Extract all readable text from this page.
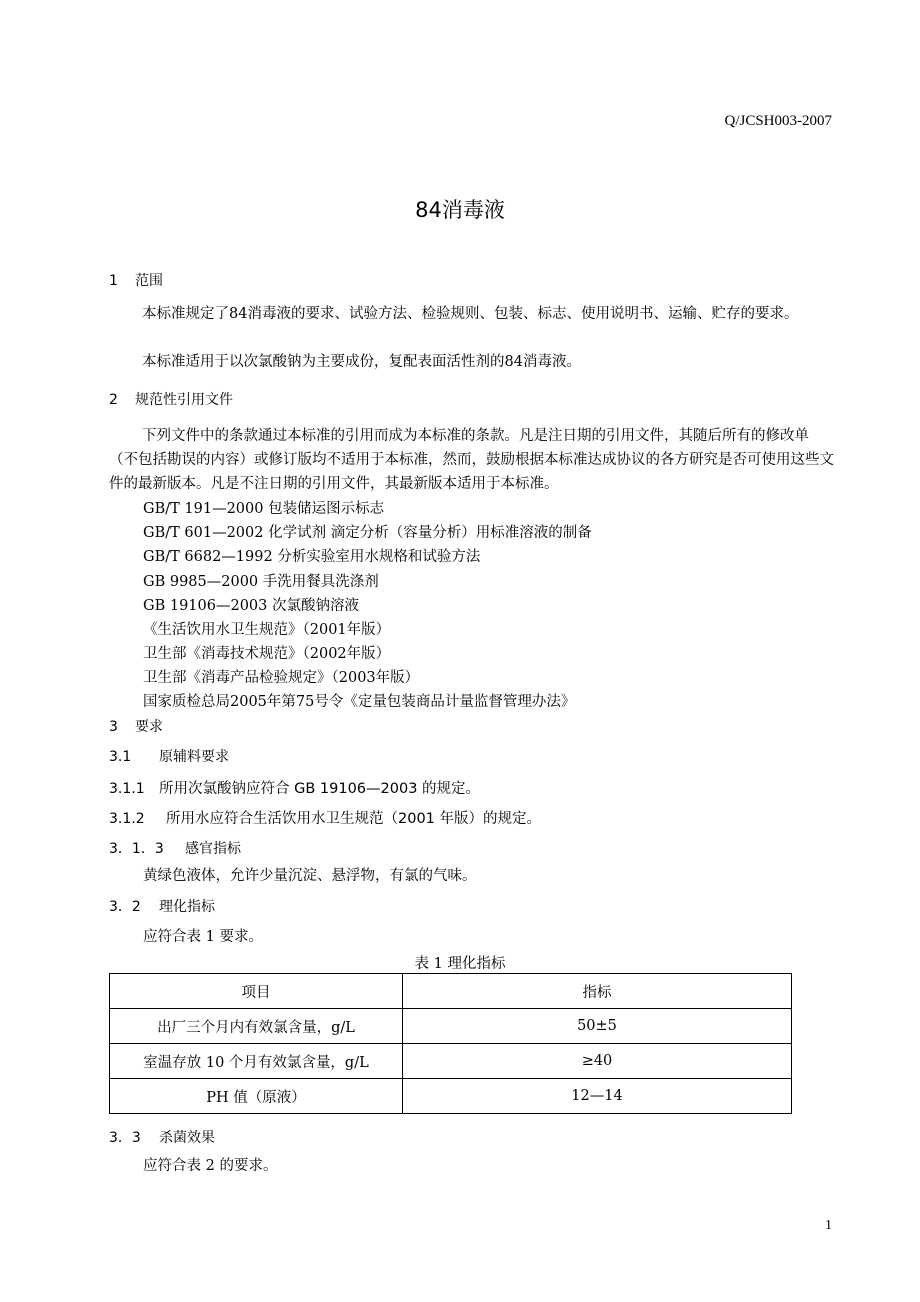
Q/JCSH003-2007
84消毒液
1 范围
本标准规定了84消毒液的要求、试验方法、检验规则、包装、标志、使用说明书、运输、贮存的要求。
本标准适用于以次氯酸钠为主要成份，复配表面活性剂的84消毒液。
2 规范性引用文件
下列文件中的条款通过本标准的引用而成为本标准的条款。凡是注日期的引用文件，其随后所有的修改单（不包括勘误的内容）或修订版均不适用于本标准，然而，鼓励根据本标准达成协议的各方研究是否可使用这些文件的最新版本。凡是不注日期的引用文件，其最新版本适用于本标准。
GB/T 191—2000 包装储运图示标志
GB/T 601—2002 化学试剂 滴定分析（容量分析）用标准溶液的制备
GB/T 6682—1992 分析实验室用水规格和试验方法
GB 9985—2000 手洗用餐具洗涤剂
GB 19106—2003 次氯酸钠溶液
《生活饮用水卫生规范》（2001年版）
卫生部《消毒技术规范》（2002年版）
卫生部《消毒产品检验规定》（2003年版）
国家质检总局2005年第75号令《定量包装商品计量监督管理办法》
3 要求
3.1 原辅料要求
3.1.1 所用次氯酸钠应符合 GB 19106—2003 的规定。
3.1.2 所用水应符合生活饮用水卫生规范（2001 年版）的规定。
3．1．3 感官指标
黄绿色液体，允许少量沉淀、悬浮物，有氯的气味。
3．2 理化指标
应符合表 1 要求。
表 1 理化指标
项目	指标
出厂三个月内有效氯含量，g/L	50±5
室温存放 10 个月有效氯含量，g/L	≥40
PH 值（原液）	12—14
3．3 杀菌效果
应符合表 2 的要求。
1
